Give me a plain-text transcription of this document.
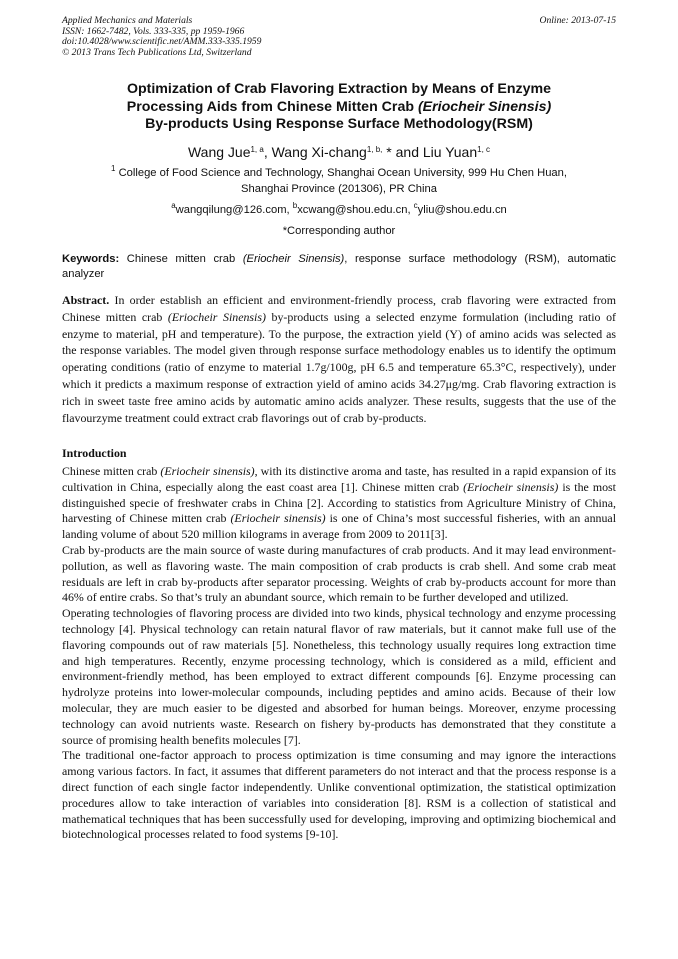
Applied Mechanics and Materials
ISSN: 1662-7482, Vols. 333-335, pp 1959-1966
doi:10.4028/www.scientific.net/AMM.333-335.1959
© 2013 Trans Tech Publications Ltd, Switzerland
Online: 2013-07-15
Optimization of Crab Flavoring Extraction by Means of Enzyme
Processing Aids from Chinese Mitten Crab (Eriocheir Sinensis)
By-products Using Response Surface Methodology(RSM)
Wang Jue$^{1, a}$, Wang Xi-chang$^{1, b,}$ * and Liu Yuan$^{1, c}$
$^1$ College of Food Science and Technology, Shanghai Ocean University, 999 Hu Chen Huan,
Shanghai Province (201306), PR China
$^a$wangqilung@126.com, $^b$xcwang@shou.edu.cn, $^c$yliu@shou.edu.cn
*Corresponding author
Keywords: Chinese mitten crab (Eriocheir Sinensis), response surface methodology (RSM), automatic analyzer
Abstract. In order establish an efficient and environment-friendly process, crab flavoring were extracted from Chinese mitten crab (Eriocheir Sinensis) by-products using a selected enzyme formulation (including ratio of enzyme to material, pH and temperature). To the purpose, the extraction yield (Y) of amino acids was selected as the response variables. The model given through response surface methodology enables us to identify the optimum operating conditions (ratio of enzyme to material 1.7g/100g, pH 6.5 and temperature 65.3°C, respectively), under which it predicts a maximum response of extraction yield of amino acids 34.27μg/mg. Crab flavoring extraction is rich in sweet taste free amino acids by automatic amino acids analyzer. These results, suggests that the use of the flavourzyme treatment could extract crab flavorings out of crab by-products.
Introduction

Chinese mitten crab (Eriocheir sinensis), with its distinctive aroma and taste, has resulted in a rapid expansion of its cultivation in China, especially along the east coast area [1]. Chinese mitten crab (Eriocheir sinensis) is the most distinguished specie of freshwater crabs in China [2]. According to statistics from Agriculture Ministry of China, harvesting of Chinese mitten crab (Eriocheir sinensis) is one of China’s most successful fisheries, with an annual landing volume of about 520 million kilograms in average from 2009 to 2011[3].

Crab by-products are the main source of waste during manufactures of crab products. And it may lead environment-pollution, as well as flavoring waste. The main composition of crab products is crab shell. And some crab meat residuals are left in crab by-products after separator processing. Weights of crab by-products account for more than 46% of entire crabs. So that’s truly an abundant source, which remain to be further developed and utilized.

Operating technologies of flavoring process are divided into two kinds, physical technology and enzyme processing technology [4]. Physical technology can retain natural flavor of raw materials, but it cannot make full use of the flavoring compounds out of raw materials [5]. Nonetheless, this technology usually requires long extraction time and high temperatures. Recently, enzyme processing technology, which is considered as a mild, efficient and environment-friendly method, has been employed to extract different compounds [6]. Enzyme processing can hydrolyze proteins into lower-molecular compounds, including peptides and amino acids. Because of their low molecular, they are much easier to be digested and absorbed for human beings. Moreover, enzyme processing technology can avoid nutrients waste. Research on fishery by-products has demonstrated that they constitute a source of promising health benefits molecules [7].

The traditional one-factor approach to process optimization is time consuming and may ignore the interactions among various factors. In fact, it assumes that different parameters do not interact and that the process response is a direct function of each single factor independently. Unlike conventional optimization, the statistical optimization procedures allow to take interaction of variables into consideration [8]. RSM is a collection of statistical and mathematical techniques that has been successfully used for developing, improving and optimizing biochemical and biotechnological processes related to food systems [9-10].
